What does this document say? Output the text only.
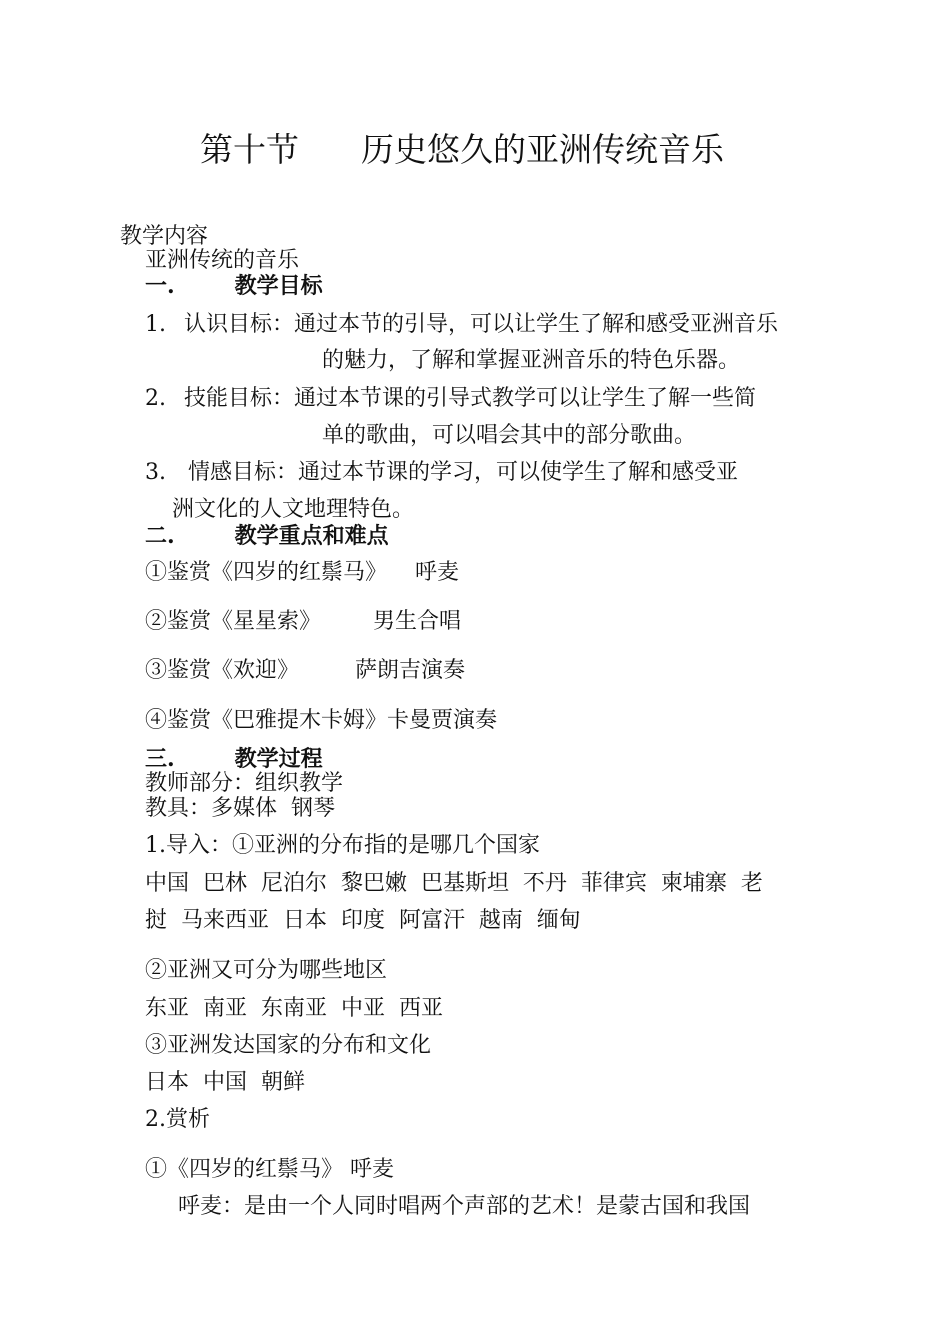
第十节 历史悠久的亚洲传统音乐
教学内容
亚洲传统的音乐
一.	教学目标
1. 认识目标：通过本节的引导，可以让学生了解和感受亚洲音乐
的魅力，了解和掌握亚洲音乐的特色乐器。
2. 技能目标：通过本节课的引导式教学可以让学生了解一些简
单的歌曲，可以唱会其中的部分歌曲。
3. 情感目标：通过本节课的学习，可以使学生了解和感受亚
洲文化的人文地理特色。
二.	教学重点和难点
①鉴赏《四岁的红鬃马》 呼麦
②鉴赏《星星索》 男生合唱
③鉴赏《欢迎》	萨朗吉演奏
④鉴赏《巴雅提木卡姆》卡曼贾演奏
三.	教学过程
教师部分：组织教学
教具：多媒体  钢琴
1.导入：①亚洲的分布指的是哪几个国家
中国  巴林  尼泊尔  黎巴嫩  巴基斯坦  不丹  菲律宾  柬埔寨  老
挝  马来西亚  日本  印度  阿富汗  越南  缅甸
②亚洲又可分为哪些地区
东亚  南亚  东南亚  中亚  西亚
③亚洲发达国家的分布和文化
日本  中国  朝鲜
2.赏析
①《四岁的红鬃马》 呼麦
呼麦：是由一个人同时唱两个声部的艺术！是蒙古国和我国
